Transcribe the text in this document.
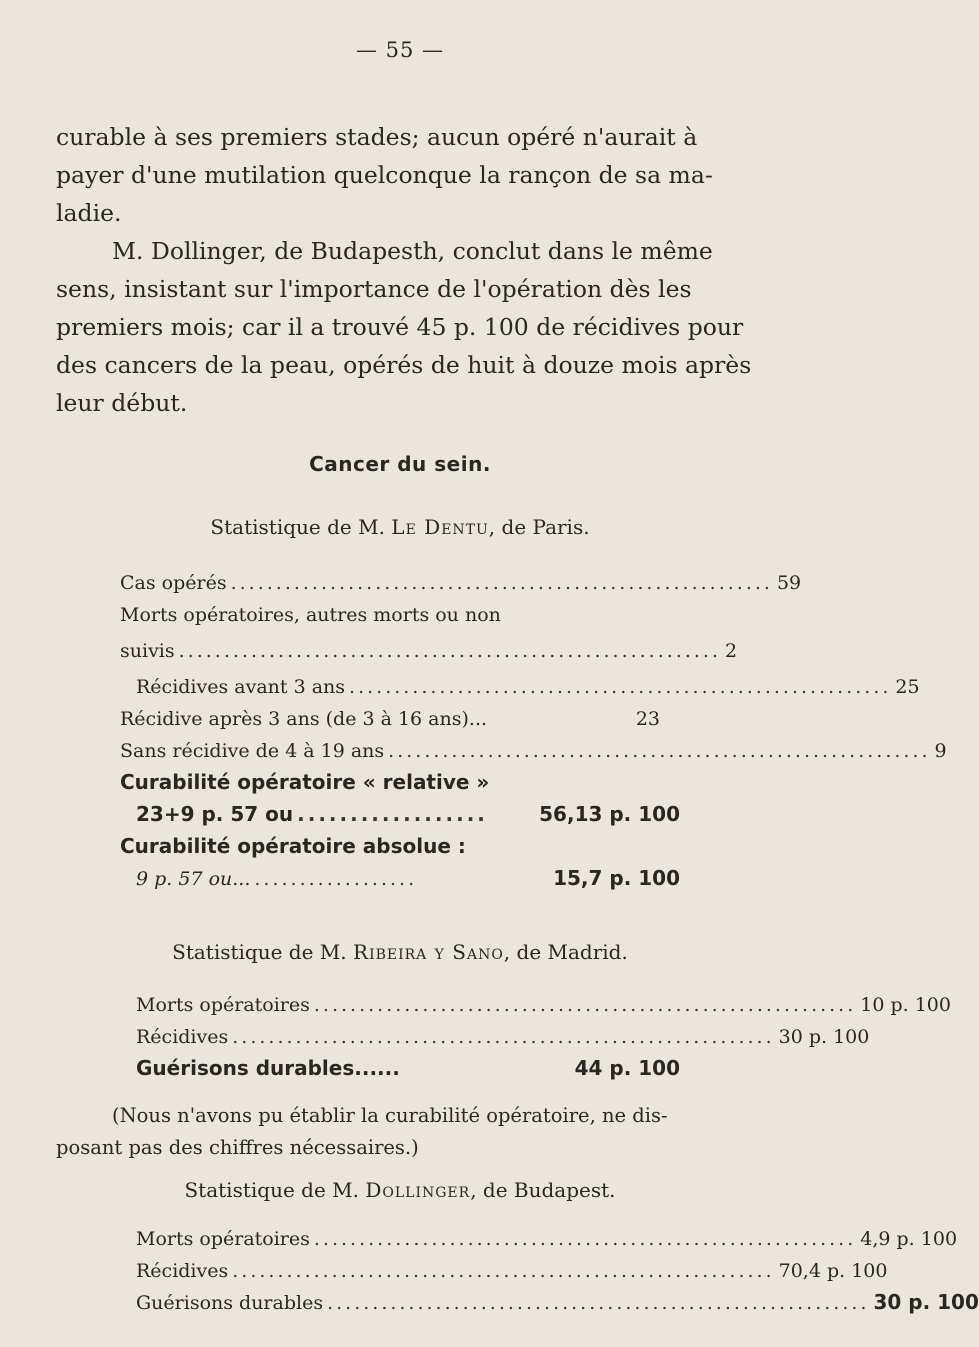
— 55 —
curable à ses premiers stades; aucun opéré n'aurait à
payer d'une mutilation quelconque la rançon de sa ma-
ladie.
M. Dollinger, de Budapesth, conclut dans le même
sens, insistant sur l'importance de l'opération dès les
premiers mois; car il a trouvé 45 p. 100 de récidives pour
des cancers de la peau, opérés de huit à douze mois après
leur début.
Cancer du sein.
Statistique de M. Le Dentu, de Paris.
Cas opérés ............................................................ 59
Morts opératoires, autres morts ou non
suivis ............................................................ 2
Récidives avant 3 ans ............................................................ 25
Récidive après 3 ans (de 3 à 16 ans)...	23
Sans récidive de 4 à 19 ans ............................................................ 9
Curabilité opératoire « relative »
23+9 p. 57 ou ..................	56,13 p. 100
Curabilité opératoire absolue :
9 p. 57 ou... ..................	15,7 p. 100
Statistique de M. Ribeira y Sano, de Madrid.
Morts opératoires ............................................................ 10 p. 100
Récidives ............................................................ 30 p. 100
Guérisons durables......	44 p. 100
(Nous n'avons pu établir la curabilité opératoire, ne dis-
posant pas des chiffres nécessaires.)
Statistique de M. Dollinger, de Budapest.
Morts opératoires ............................................................ 4,9 p. 100
Récidives ............................................................ 70,4 p. 100
Guérisons durables ............................................................ 30 p. 100
